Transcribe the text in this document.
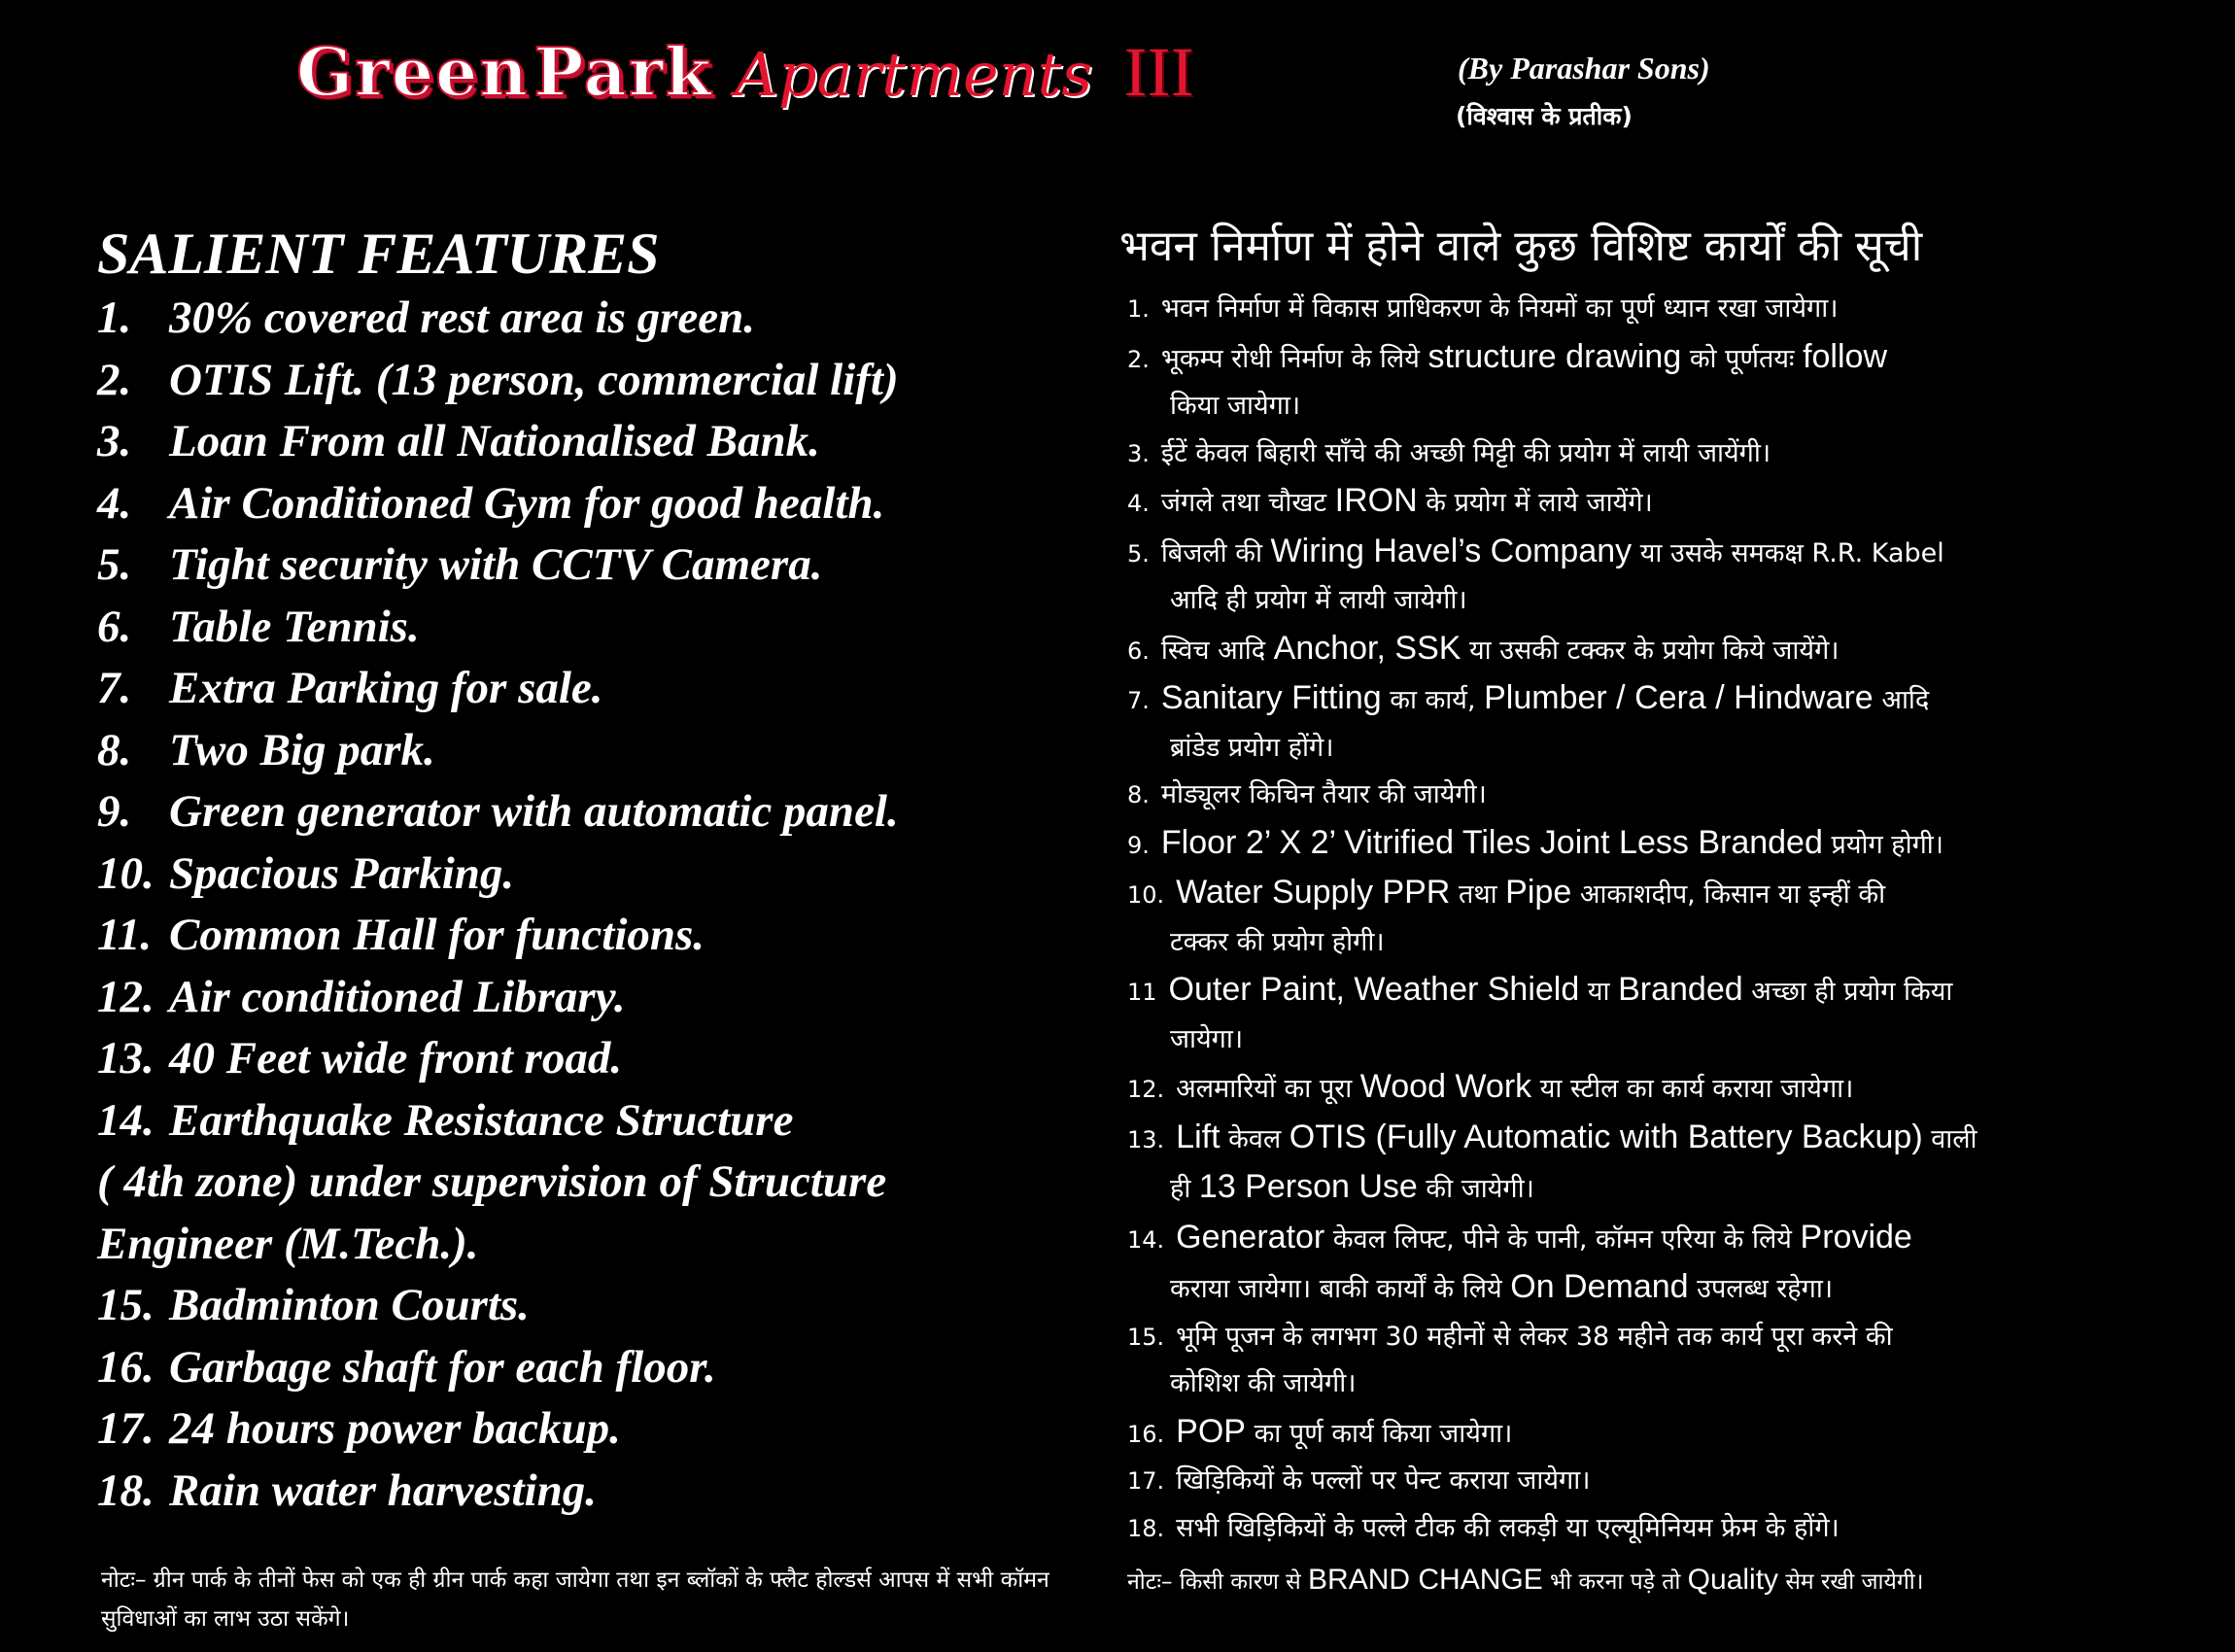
Green Park Apartments III	(By Parashar Sons)
(विश्वास के प्रतीक)
SALIENT FEATURES
1. 30% covered rest area is green.
2. OTIS Lift. (13 person, commercial lift)
3. Loan From all Nationalised Bank.
4. Air Conditioned Gym for good health.
5. Tight security with CCTV Camera.
6. Table Tennis.
7. Extra Parking for sale.
8. Two Big park.
9. Green generator with automatic panel.
10. Spacious Parking.
11. Common Hall for functions.
12. Air conditioned Library.
13. 40 Feet wide front road.
14. Earthquake Resistance Structure
( 4th zone) under supervision of Structure
Engineer (M.Tech.).
15. Badminton Courts.
16. Garbage shaft for each floor.
17. 24 hours power backup.
18. Rain water harvesting.
भवन निर्माण में होने वाले कुछ विशिष्ट कार्यों की सूची
1. भवन निर्माण में विकास प्राधिकरण के नियमों का पूर्ण ध्यान रखा जायेगा।
2. भूकम्प रोधी निर्माण के लिये structure drawing को पूर्णतयः follow
किया जायेगा।
3. ईटें केवल बिहारी साँचे की अच्छी मिट्टी की प्रयोग में लायी जायेंगी।
4. जंगले तथा चौखट IRON के प्रयोग में लाये जायेंगे।
5. बिजली की Wiring Havel’s Company या उसके समकक्ष R.R. Kabel
आदि ही प्रयोग में लायी जायेगी।
6. स्विच आदि Anchor, SSK या उसकी टक्कर के प्रयोग किये जायेंगे।
7. Sanitary Fitting का कार्य, Plumber / Cera / Hindware आदि
ब्रांडेड प्रयोग होंगे।
8. मोड्यूलर किचिन तैयार की जायेगी।
9. Floor 2’ X 2’ Vitrified Tiles Joint Less Branded प्रयोग होगी।
10. Water Supply PPR तथा Pipe आकाशदीप, किसान या इन्हीं की
टक्कर की प्रयोग होगी।
11 Outer Paint, Weather Shield या Branded अच्छा ही प्रयोग किया
जायेगा।
12. अलमारियों का पूरा Wood Work या स्टील का कार्य कराया जायेगा।
13. Lift केवल OTIS (Fully Automatic with Battery Backup) वाली
ही 13 Person Use की जायेगी।
14. Generator केवल लिफ्ट, पीने के पानी, कॉमन एरिया के लिये Provide
कराया जायेगा। बाकी कार्यों के लिये On Demand उपलब्ध रहेगा।
15. भूमि पूजन के लगभग 30 महीनों से लेकर 38 महीने तक कार्य पूरा करने की
कोशिश की जायेगी।
16. POP का पूर्ण कार्य किया जायेगा।
17. खिड़िकियों के पल्लों पर पेन्ट कराया जायेगा।
18. सभी खिड़िकियों के पल्ले टीक की लकड़ी या एल्यूमिनियम फ्रेम के होंगे।
नोटः– ग्रीन पार्क के तीनों फेस को एक ही ग्रीन पार्क कहा जायेगा तथा इन ब्लॉकों के फ्लैट होल्डर्स आपस में सभी कॉमन सुविधाओं का लाभ उठा सकेंगे।
नोटः– किसी कारण से BRAND CHANGE भी करना पड़े तो Quality सेम रखी जायेगी।
